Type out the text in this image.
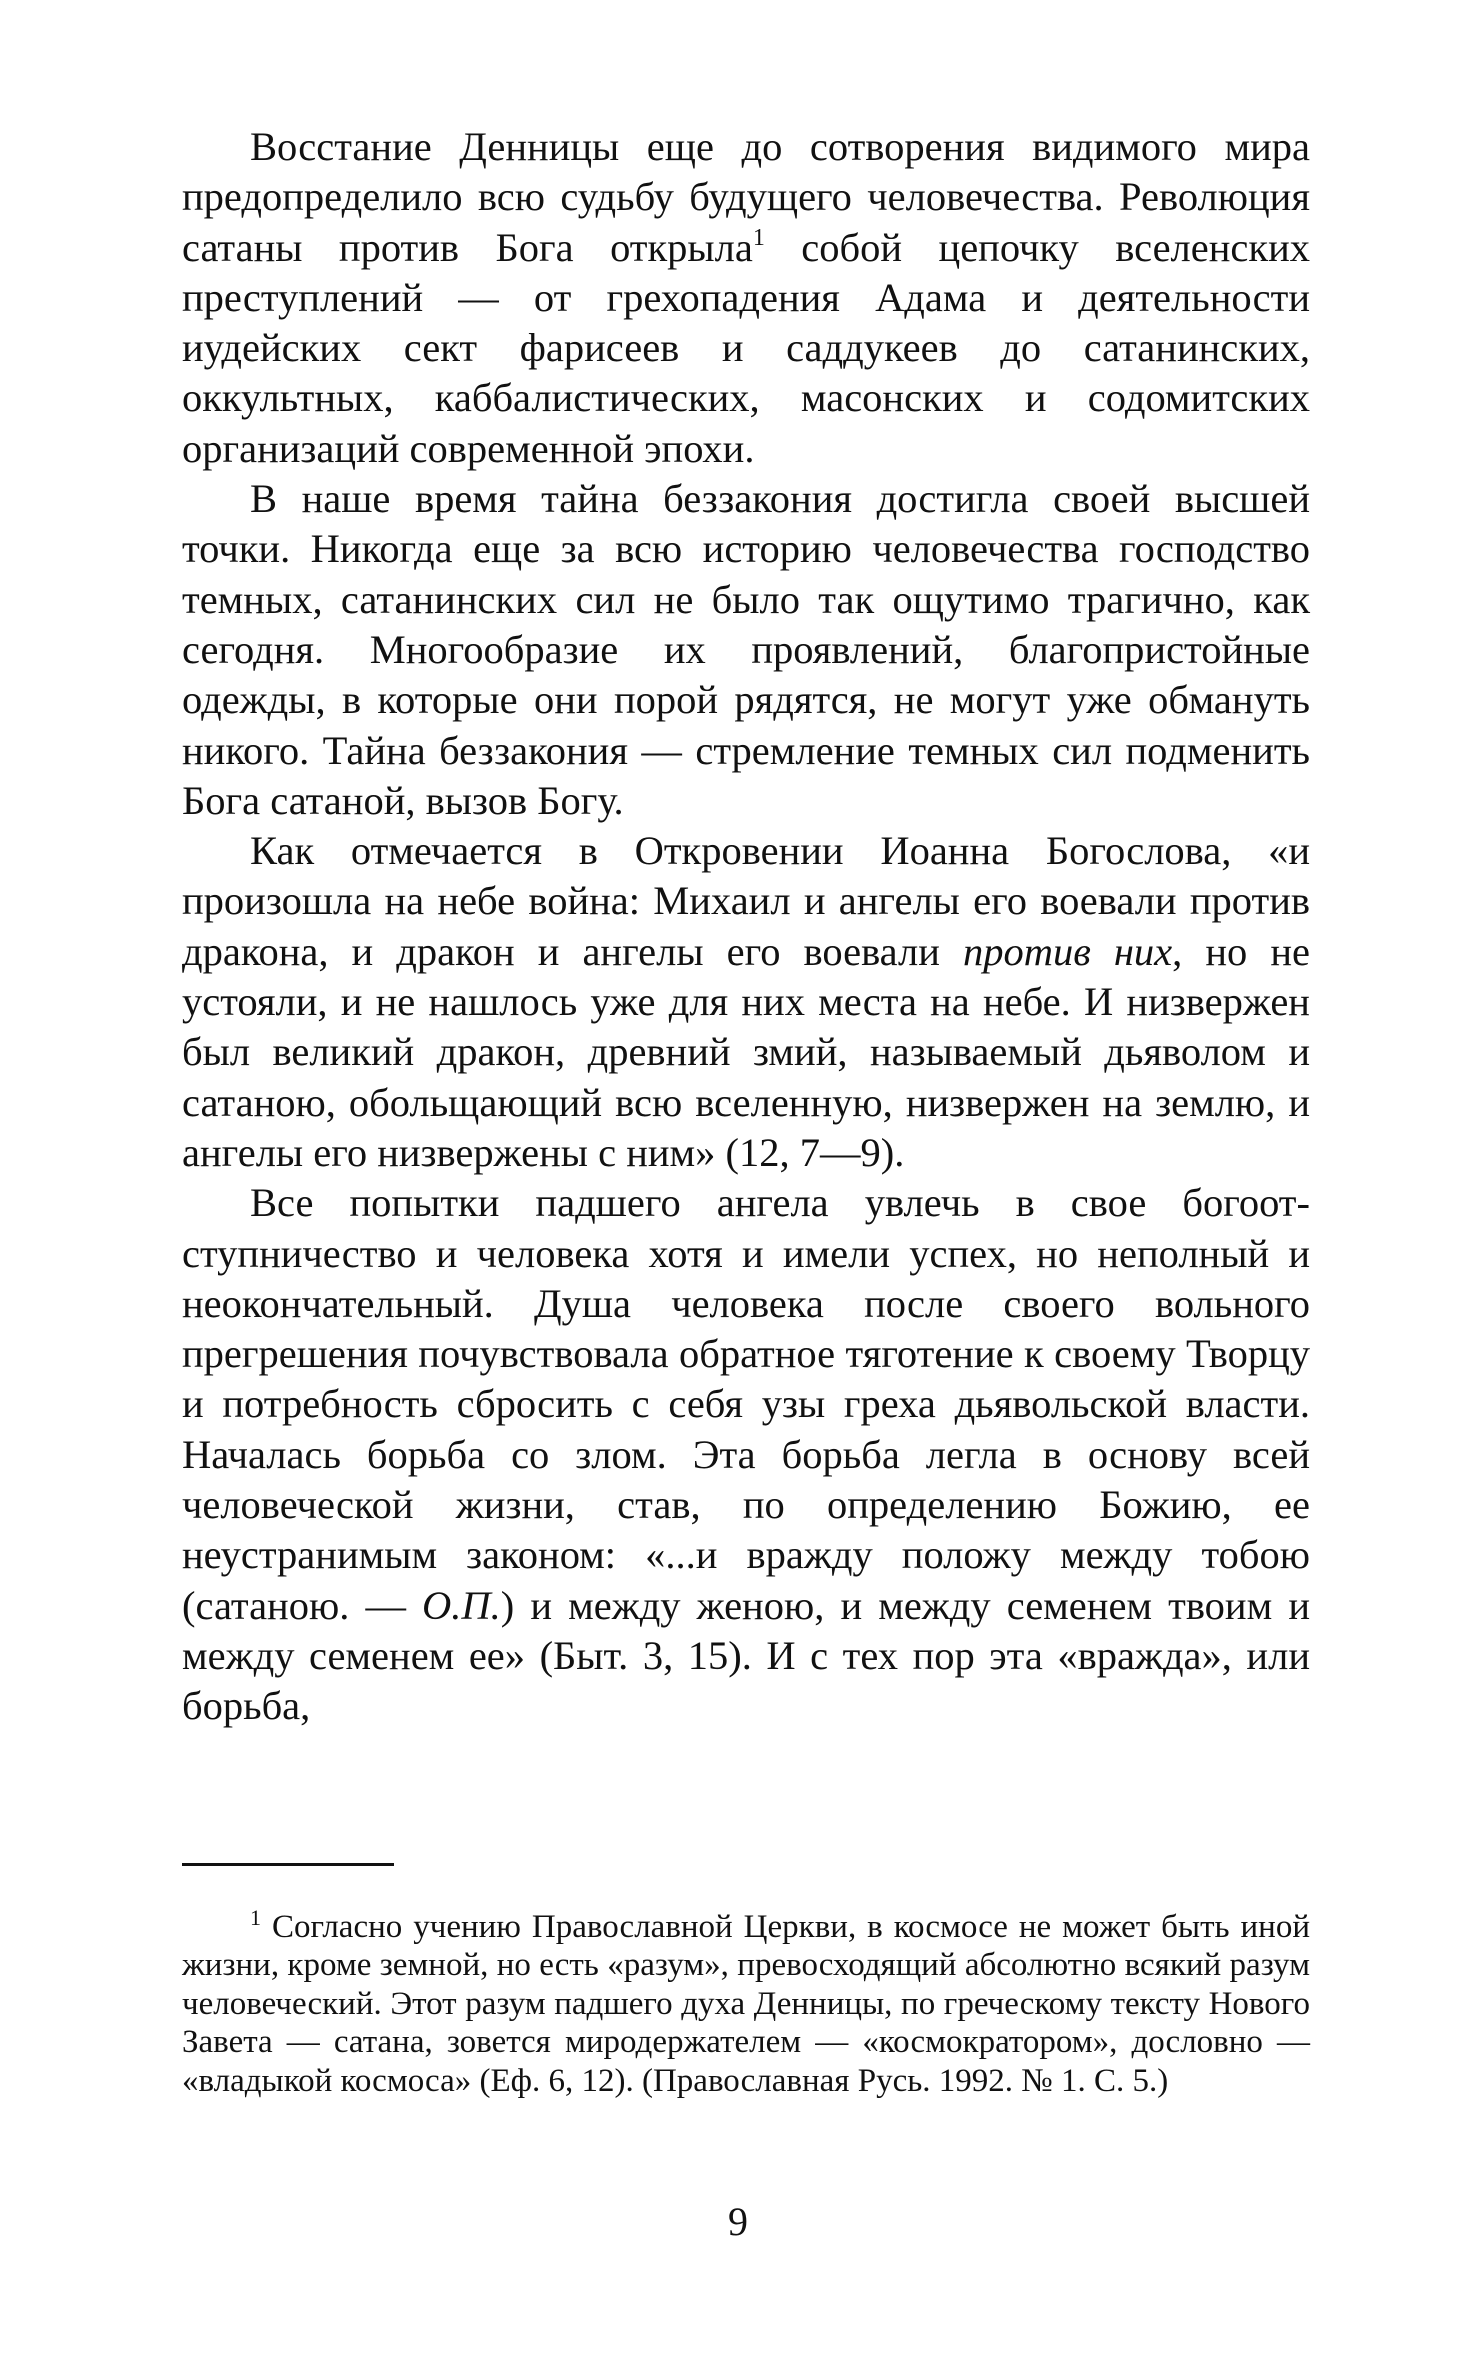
Восстание Денницы еще до сотворения видимого мира предопределило всю судьбу будущего человечества. Революция сатаны против Бога открыла$^1$ собой цепочку вселенских преступлений — от грехопадения Адама и деятельности иудейских сект фарисеев и саддукеев до сатанинских, оккультных, каббалистических, масонских и содомитских организаций современной эпохи.

В наше время тайна беззакония достигла своей высшей точки. Никогда еще за всю историю человечества господство темных, сатанинских сил не было так ощутимо трагично, как сегодня. Многообразие их проявлений, благопристойные одежды, в которые они порой рядятся, не могут уже обмануть никого. Тайна беззакония — стремление темных сил подменить Бога сатаной, вызов Богу.

Как отмечается в Откровении Иоанна Богослова, «и произошла на небе война: Михаил и ангелы его воевали против дракона, и дракон и ангелы его воевали против них, но не устояли, и не нашлось уже для них места на небе. И низвержен был великий дракон, древний змий, называемый дьяволом и сатаною, обольщающий всю вселенную, низвержен на землю, и ангелы его низвержены с ним» (12, 7—9).

Все попытки падшего ангела увлечь в свое богоотступничество и человека хотя и имели успех, но неполный и неокончательный. Душа человека после своего вольного прегрешения почувствовала обратное тяготение к своему Творцу и потребность сбросить с себя узы греха дьявольской власти. Началась борьба со злом. Эта борьба легла в основу всей человеческой жизни, став, по определению Божию, ее неустранимым законом: «...и вражду положу между тобою (сатаною. — О.П.) и между женою, и между семенем твоим и между семенем ее» (Быт. 3, 15). И с тех пор эта «вражда», или борьба,

$^1$ Согласно учению Православной Церкви, в космосе не может быть иной жизни, кроме земной, но есть «разум», превосходящий абсолютно всякий разум человеческий. Этот разум падшего духа Денницы, по греческому тексту Нового Завета — сатана, зовется миродержателем — «космократором», дословно — «владыкой космоса» (Еф. 6, 12). (Православная Русь. 1992. № 1. С. 5.)

9
